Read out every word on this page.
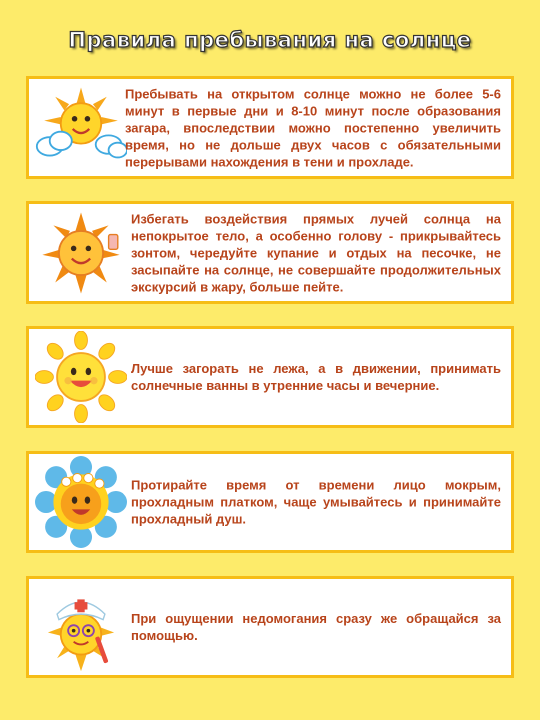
Правила пребывания на солнце

Пребывать на открытом солнце можно не более 5-6 минут в первые дни и 8-10 минут после образования загара, впоследствии можно постепенно увеличить время, но не дольше двух часов с обязательными перерывами нахождения в тени и прохладе.

Избегать воздействия прямых лучей солнца на непокрытое тело, а особенно голову - прикрывайтесь зонтом, чередуйте купание и отдых на песочке, не засыпайте на солнце, не совершайте продолжительных экскурсий в жару, больше пейте.

Лучше загорать не лежа, а в движении, принимать солнечные ванны в утренние часы и вечерние.

Протирайте время от времени лицо мокрым, прохладным платком, чаще умывайтесь и принимайте прохладный душ.

При ощущении недомогания сразу же обращайся за помощью.
